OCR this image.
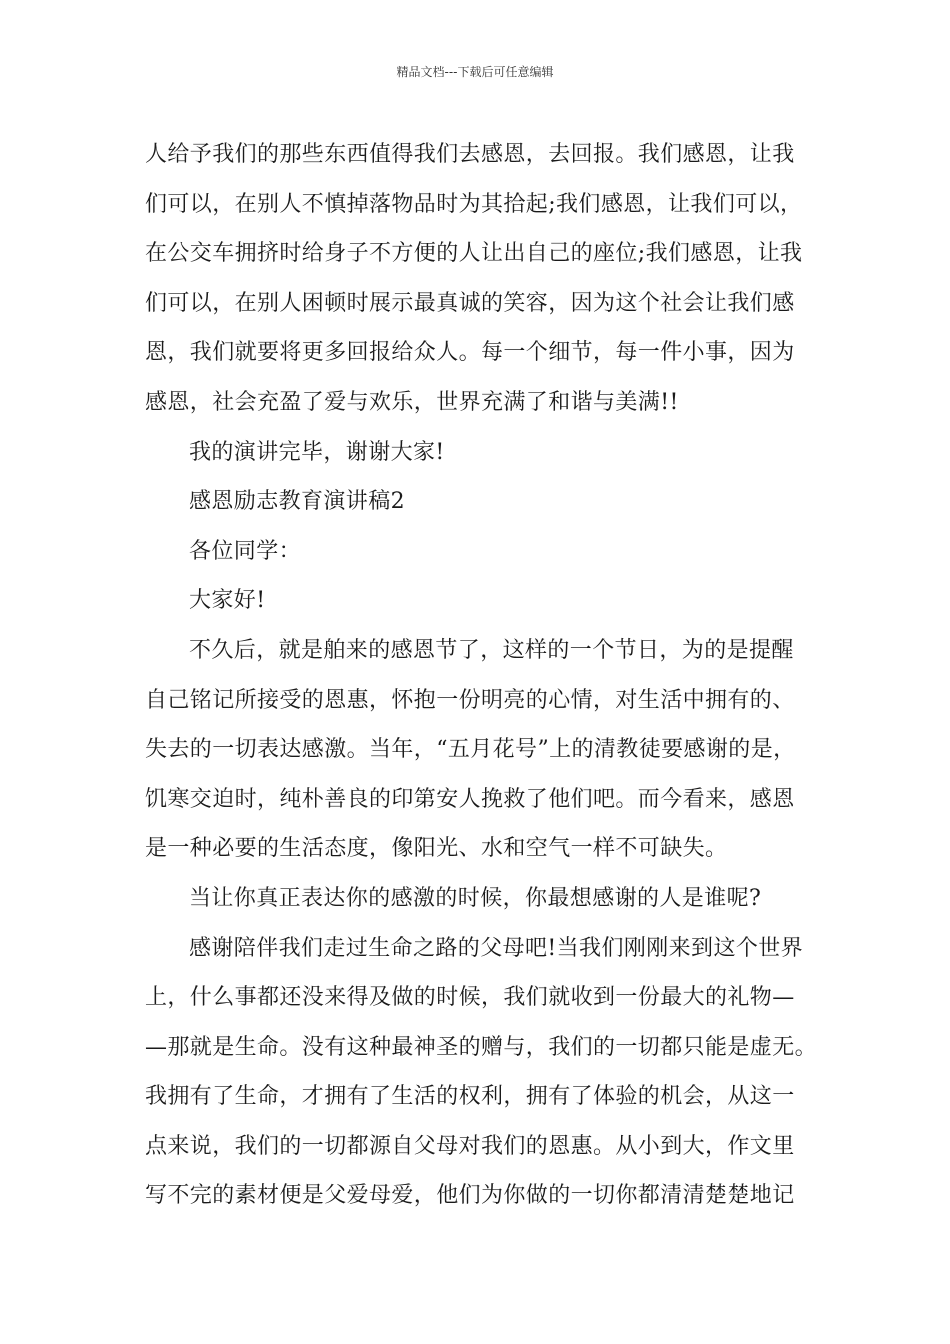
精品文档---下载后可任意编辑
人给予我们的那些东西值得我们去感恩，去回报。我们感恩，让我
们可以，在别人不慎掉落物品时为其拾起;我们感恩，让我们可以，
在公交车拥挤时给身子不方便的人让出自己的座位;我们感恩，让我
们可以，在别人困顿时展示最真诚的笑容，因为这个社会让我们感
恩，我们就要将更多回报给众人。每一个细节，每一件小事，因为
感恩，社会充盈了爱与欢乐，世界充满了和谐与美满!!
我的演讲完毕，谢谢大家!
感恩励志教育演讲稿2
各位同学：
大家好!
不久后，就是舶来的感恩节了，这样的一个节日，为的是提醒
自己铭记所接受的恩惠，怀抱一份明亮的心情，对生活中拥有的、
失去的一切表达感激。当年，“五月花号”上的清教徒要感谢的是，
饥寒交迫时，纯朴善良的印第安人挽救了他们吧。而今看来，感恩
是一种必要的生活态度，像阳光、水和空气一样不可缺失。
当让你真正表达你的感激的时候，你最想感谢的人是谁呢?
感谢陪伴我们走过生命之路的父母吧!当我们刚刚来到这个世界
上，什么事都还没来得及做的时候，我们就收到一份最大的礼物—
—那就是生命。没有这种最神圣的赠与，我们的一切都只能是虚无。
我拥有了生命，才拥有了生活的权利，拥有了体验的机会，从这一
点来说，我们的一切都源自父母对我们的恩惠。从小到大，作文里
写不完的素材便是父爱母爱，他们为你做的一切你都清清楚楚地记
